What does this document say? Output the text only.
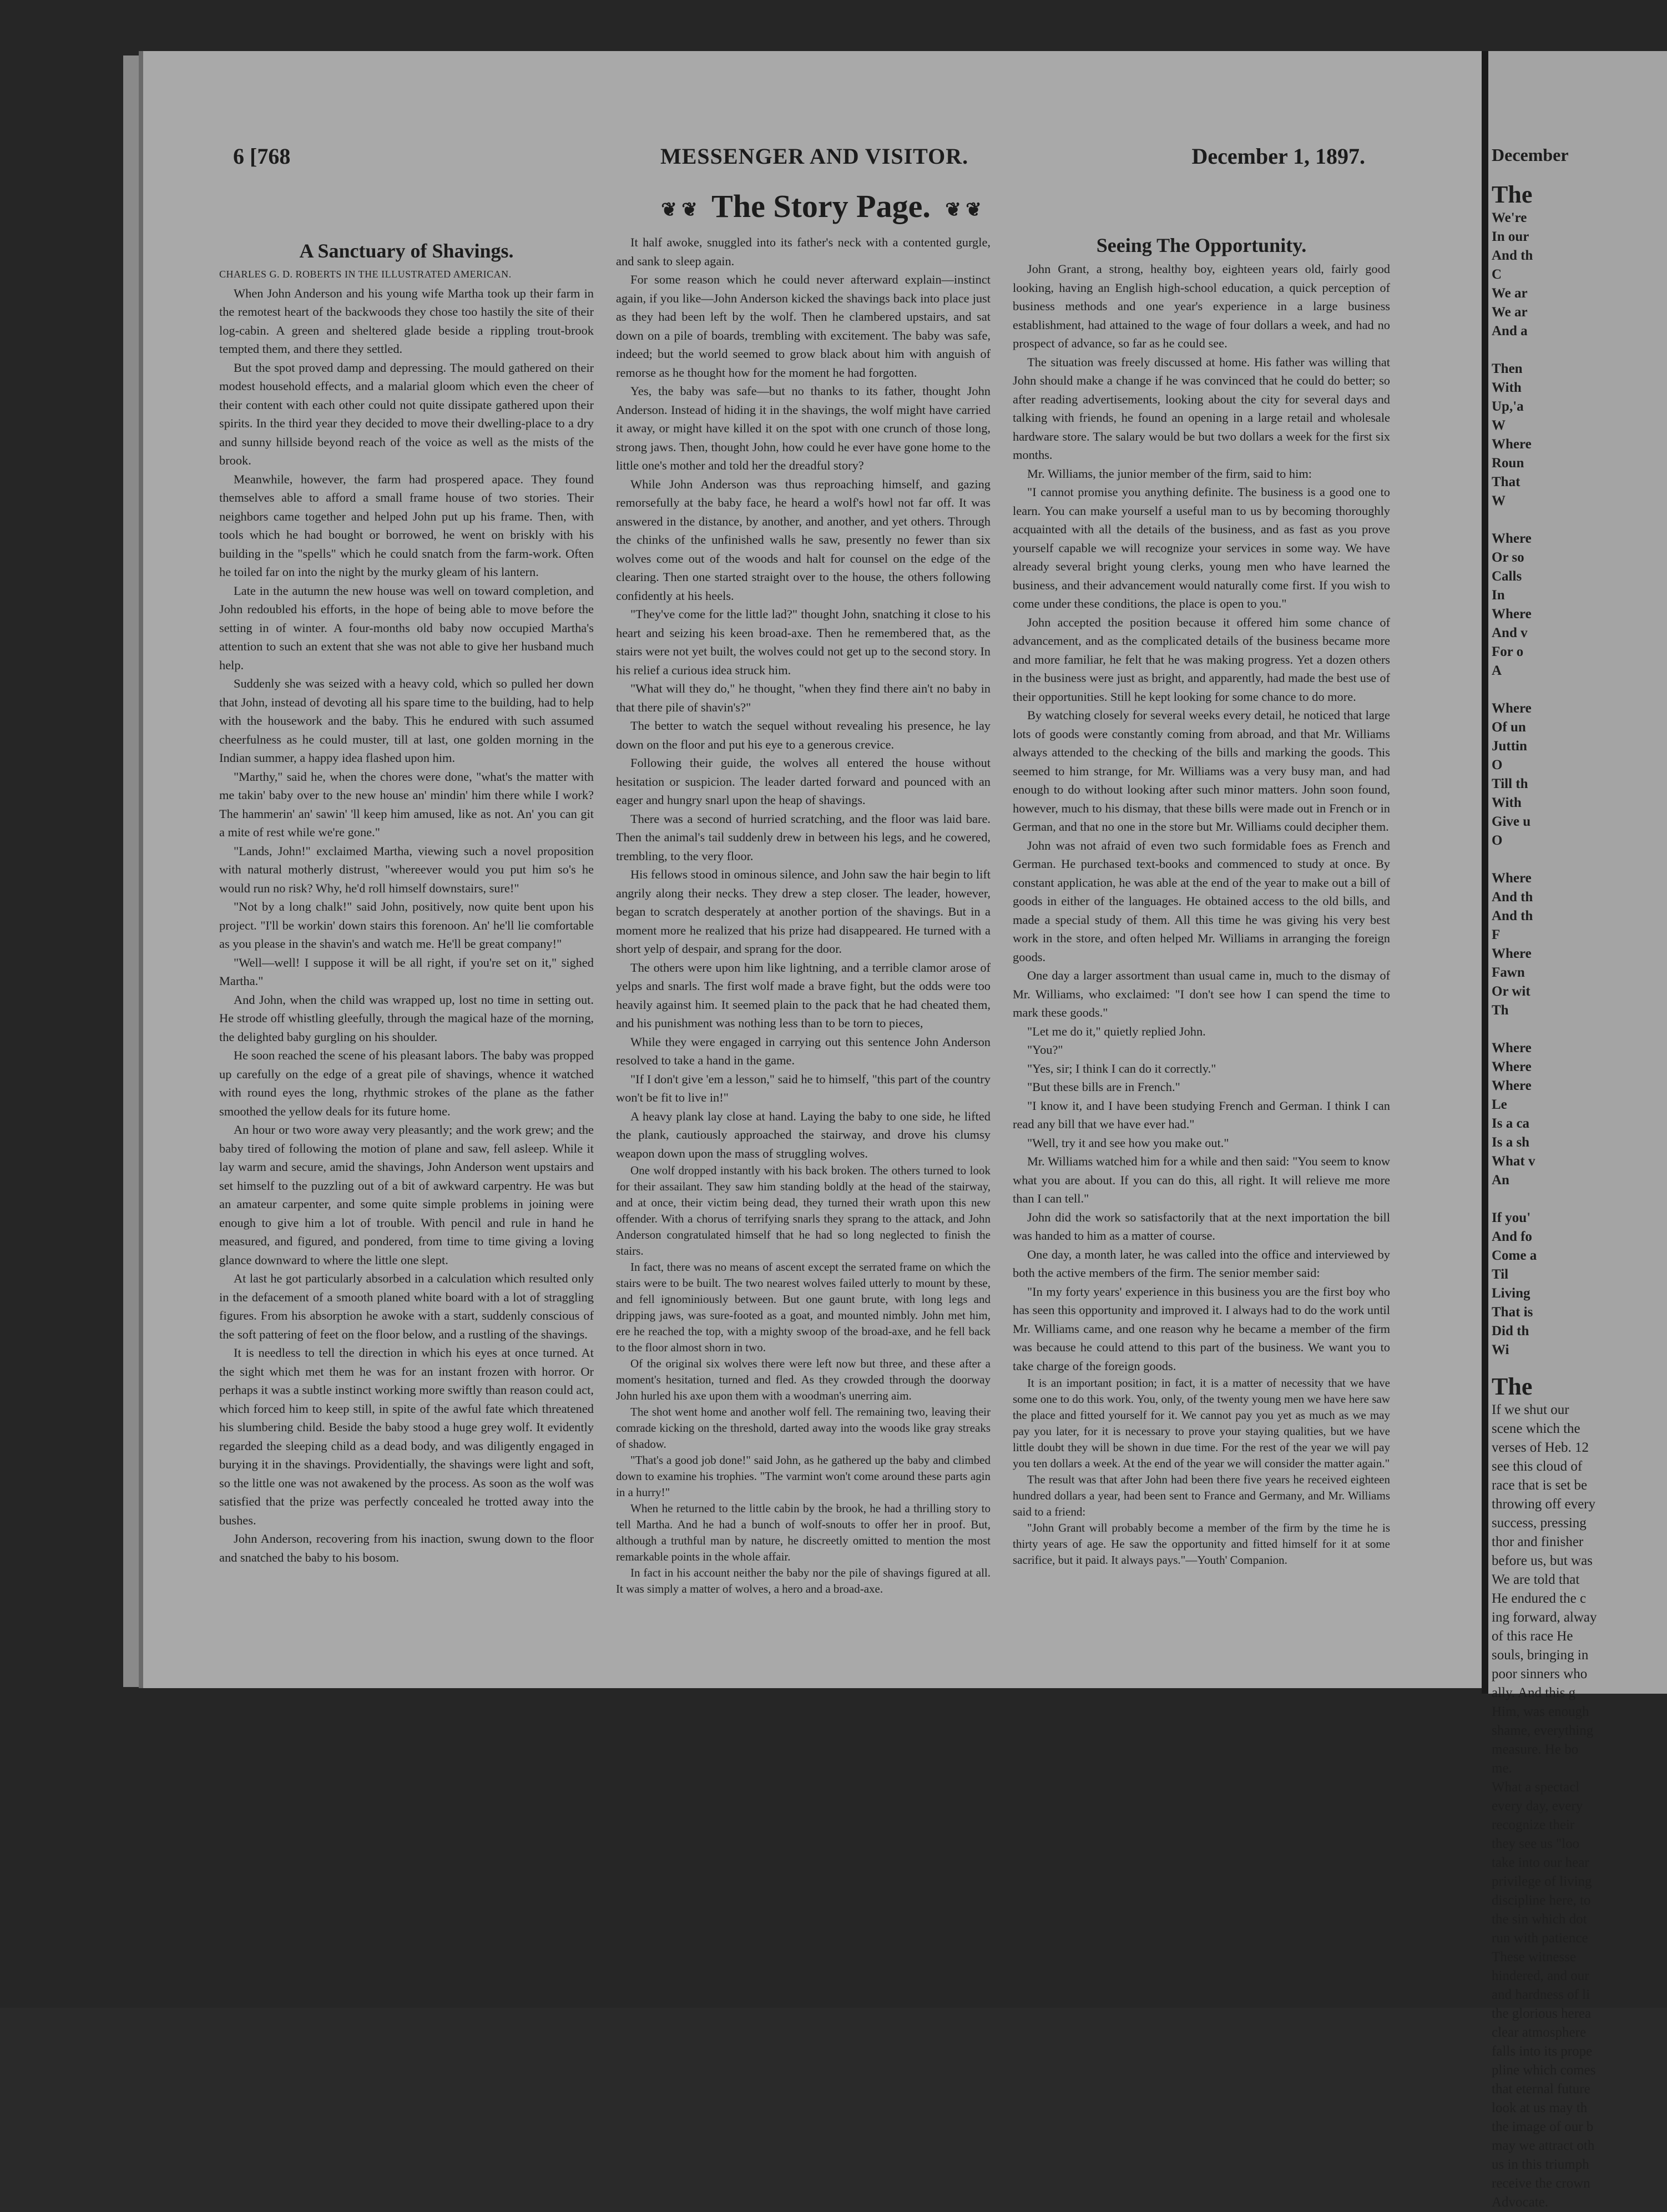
6 [768	MESSENGER AND VISITOR.	December 1, 1897.
❦ ❦ The Story Page. ❦ ❦
A Sanctuary of Shavings.

CHARLES G. D. ROBERTS IN THE ILLUSTRATED AMERICAN.

When John Anderson and his young wife Martha took up their farm in the remotest heart of the backwoods they chose too hastily the site of their log-cabin. A green and sheltered glade beside a rippling trout-brook tempted them, and there they settled.

But the spot proved damp and depressing. The mould gathered on their modest household effects, and a malarial gloom which even the cheer of their content with each other could not quite dissipate gathered upon their spirits. In the third year they decided to move their dwelling-place to a dry and sunny hillside beyond reach of the voice as well as the mists of the brook.

Meanwhile, however, the farm had prospered apace. They found themselves able to afford a small frame house of two stories. Their neighbors came together and helped John put up his frame. Then, with tools which he had bought or borrowed, he went on briskly with his building in the "spells" which he could snatch from the farm-work. Often he toiled far on into the night by the murky gleam of his lantern.

Late in the autumn the new house was well on toward completion, and John redoubled his efforts, in the hope of being able to move before the setting in of winter. A four-months old baby now occupied Martha's attention to such an extent that she was not able to give her husband much help.

Suddenly she was seized with a heavy cold, which so pulled her down that John, instead of devoting all his spare time to the building, had to help with the housework and the baby. This he endured with such assumed cheerfulness as he could muster, till at last, one golden morning in the Indian summer, a happy idea flashed upon him.

"Marthy," said he, when the chores were done, "what's the matter with me takin' baby over to the new house an' mindin' him there while I work? The hammerin' an' sawin' 'll keep him amused, like as not. An' you can git a mite of rest while we're gone."

"Lands, John!" exclaimed Martha, viewing such a novel proposition with natural motherly distrust, "whereever would you put him so's he would run no risk? Why, he'd roll himself downstairs, sure!"

"Not by a long chalk!" said John, positively, now quite bent upon his project. "I'll be workin' down stairs this forenoon. An' he'll lie comfortable as you please in the shavin's and watch me. He'll be great company!"

"Well—well! I suppose it will be all right, if you're set on it," sighed Martha."

And John, when the child was wrapped up, lost no time in setting out. He strode off whistling gleefully, through the magical haze of the morning, the delighted baby gurgling on his shoulder.

He soon reached the scene of his pleasant labors. The baby was propped up carefully on the edge of a great pile of shavings, whence it watched with round eyes the long, rhythmic strokes of the plane as the father smoothed the yellow deals for its future home.

An hour or two wore away very pleasantly; and the work grew; and the baby tired of following the motion of plane and saw, fell asleep. While it lay warm and secure, amid the shavings, John Anderson went upstairs and set himself to the puzzling out of a bit of awkward carpentry. He was but an amateur carpenter, and some quite simple problems in joining were enough to give him a lot of trouble. With pencil and rule in hand he measured, and figured, and pondered, from time to time giving a loving glance downward to where the little one slept.

At last he got particularly absorbed in a calculation which resulted only in the defacement of a smooth planed white board with a lot of straggling figures. From his absorption he awoke with a start, suddenly conscious of the soft pattering of feet on the floor below, and a rustling of the shavings.

It is needless to tell the direction in which his eyes at once turned. At the sight which met them he was for an instant frozen with horror. Or perhaps it was a subtle instinct working more swiftly than reason could act, which forced him to keep still, in spite of the awful fate which threatened his slumbering child. Beside the baby stood a huge grey wolf. It evidently regarded the sleeping child as a dead body, and was diligently engaged in burying it in the shavings. Providentially, the shavings were light and soft, so the little one was not awakened by the process. As soon as the wolf was satisfied that the prize was perfectly concealed he trotted away into the bushes.

John Anderson, recovering from his inaction, swung down to the floor and snatched the baby to his bosom.

It half awoke, snuggled into its father's neck with a contented gurgle, and sank to sleep again.

For some reason which he could never afterward explain—instinct again, if you like—John Anderson kicked the shavings back into place just as they had been left by the wolf. Then he clambered upstairs, and sat down on a pile of boards, trembling with excitement. The baby was safe, indeed; but the world seemed to grow black about him with anguish of remorse as he thought how for the moment he had forgotten.

Yes, the baby was safe—but no thanks to its father, thought John Anderson. Instead of hiding it in the shavings, the wolf might have carried it away, or might have killed it on the spot with one crunch of those long, strong jaws. Then, thought John, how could he ever have gone home to the little one's mother and told her the dreadful story?

While John Anderson was thus reproaching himself, and gazing remorsefully at the baby face, he heard a wolf's howl not far off. It was answered in the distance, by another, and another, and yet others. Through the chinks of the unfinished walls he saw, presently no fewer than six wolves come out of the woods and halt for counsel on the edge of the clearing. Then one started straight over to the house, the others following confidently at his heels.

"They've come for the little lad?" thought John, snatching it close to his heart and seizing his keen broad-axe. Then he remembered that, as the stairs were not yet built, the wolves could not get up to the second story. In his relief a curious idea struck him.

"What will they do," he thought, "when they find there ain't no baby in that there pile of shavin's?"

The better to watch the sequel without revealing his presence, he lay down on the floor and put his eye to a generous crevice.

Following their guide, the wolves all entered the house without hesitation or suspicion. The leader darted forward and pounced with an eager and hungry snarl upon the heap of shavings.

There was a second of hurried scratching, and the floor was laid bare. Then the animal's tail suddenly drew in between his legs, and he cowered, trembling, to the very floor.

His fellows stood in ominous silence, and John saw the hair begin to lift angrily along their necks. They drew a step closer. The leader, however, began to scratch desperately at another portion of the shavings. But in a moment more he realized that his prize had disappeared. He turned with a short yelp of despair, and sprang for the door.

The others were upon him like lightning, and a terrible clamor arose of yelps and snarls. The first wolf made a brave fight, but the odds were too heavily against him. It seemed plain to the pack that he had cheated them, and his punishment was nothing less than to be torn to pieces,

While they were engaged in carrying out this sentence John Anderson resolved to take a hand in the game.

"If I don't give 'em a lesson," said he to himself, "this part of the country won't be fit to live in!"

A heavy plank lay close at hand. Laying the baby to one side, he lifted the plank, cautiously approached the stairway, and drove his clumsy weapon down upon the mass of struggling wolves.

One wolf dropped instantly with his back broken. The others turned to look for their assailant. They saw him standing boldly at the head of the stairway, and at once, their victim being dead, they turned their wrath upon this new offender. With a chorus of terrifying snarls they sprang to the attack, and John Anderson congratulated himself that he had so long neglected to finish the stairs.

In fact, there was no means of ascent except the serrated frame on which the stairs were to be built. The two nearest wolves failed utterly to mount by these, and fell ignominiously between. But one gaunt brute, with long legs and dripping jaws, was sure-footed as a goat, and mounted nimbly. John met him, ere he reached the top, with a mighty swoop of the broad-axe, and he fell back to the floor almost shorn in two.

Of the original six wolves there were left now but three, and these after a moment's hesitation, turned and fled. As they crowded through the doorway John hurled his axe upon them with a woodman's unerring aim.

The shot went home and another wolf fell. The remaining two, leaving their comrade kicking on the threshold, darted away into the woods like gray streaks of shadow.

"That's a good job done!" said John, as he gathered up the baby and climbed down to examine his trophies. "The varmint won't come around these parts agin in a hurry!"

When he returned to the little cabin by the brook, he had a thrilling story to tell Martha. And he had a bunch of wolf-snouts to offer her in proof. But, although a truthful man by nature, he discreetly omitted to mention the most remarkable points in the whole affair.

In fact in his account neither the baby nor the pile of shavings figured at all. It was simply a matter of wolves, a hero and a broad-axe.

Seeing The Opportunity.

John Grant, a strong, healthy boy, eighteen years old, fairly good looking, having an English high-school education, a quick perception of business methods and one year's experience in a large business establishment, had attained to the wage of four dollars a week, and had no prospect of advance, so far as he could see.

The situation was freely discussed at home. His father was willing that John should make a change if he was convinced that he could do better; so after reading advertisements, looking about the city for several days and talking with friends, he found an opening in a large retail and wholesale hardware store. The salary would be but two dollars a week for the first six months.

Mr. Williams, the junior member of the firm, said to him:

"I cannot promise you anything definite. The business is a good one to learn. You can make yourself a useful man to us by becoming thoroughly acquainted with all the details of the business, and as fast as you prove yourself capable we will recognize your services in some way. We have already several bright young clerks, young men who have learned the business, and their advancement would naturally come first. If you wish to come under these conditions, the place is open to you."

John accepted the position because it offered him some chance of advancement, and as the complicated details of the business became more and more familiar, he felt that he was making progress. Yet a dozen others in the business were just as bright, and apparently, had made the best use of their opportunities. Still he kept looking for some chance to do more.

By watching closely for several weeks every detail, he noticed that large lots of goods were constantly coming from abroad, and that Mr. Williams always attended to the checking of the bills and marking the goods. This seemed to him strange, for Mr. Williams was a very busy man, and had enough to do without looking after such minor matters. John soon found, however, much to his dismay, that these bills were made out in French or in German, and that no one in the store but Mr. Williams could decipher them.

John was not afraid of even two such formidable foes as French and German. He purchased text-books and commenced to study at once. By constant application, he was able at the end of the year to make out a bill of goods in either of the languages. He obtained access to the old bills, and made a special study of them. All this time he was giving his very best work in the store, and often helped Mr. Williams in arranging the foreign goods.

One day a larger assortment than usual came in, much to the dismay of Mr. Williams, who exclaimed: "I don't see how I can spend the time to mark these goods."

"Let me do it," quietly replied John.

"You?"

"Yes, sir; I think I can do it correctly."

"But these bills are in French."

"I know it, and I have been studying French and German. I think I can read any bill that we have ever had."

"Well, try it and see how you make out."

Mr. Williams watched him for a while and then said: "You seem to know what you are about. If you can do this, all right. It will relieve me more than I can tell."

John did the work so satisfactorily that at the next importation the bill was handed to him as a matter of course.

One day, a month later, he was called into the office and interviewed by both the active members of the firm. The senior member said:

"In my forty years' experience in this business you are the first boy who has seen this opportunity and improved it. I always had to do the work until Mr. Williams came, and one reason why he became a member of the firm was because he could attend to this part of the business. We want you to take charge of the foreign goods.

It is an important position; in fact, it is a matter of necessity that we have some one to do this work. You, only, of the twenty young men we have here saw the place and fitted yourself for it. We cannot pay you yet as much as we may pay you later, for it is necessary to prove your staying qualities, but we have little doubt they will be shown in due time. For the rest of the year we will pay you ten dollars a week. At the end of the year we will consider the matter again."

The result was that after John had been there five years he received eighteen hundred dollars a year, had been sent to France and Germany, and Mr. Williams said to a friend:

"John Grant will probably become a member of the firm by the time he is thirty years of age. He saw the opportunity and fitted himself for it at some sacrifice, but it paid. It always pays."—Youth' Companion.

December
The
We're
In our
And th
C
We ar
We ar
And a

Then
With
Up,'a
W
Where
Roun
That
W

Where
Or so
Calls
In
Where
And v
For o
A

Where
Of un
Juttin
O
Till th
With
Give u
O

Where
And th
And th
F
Where
Fawn
Or wit
Th

Where
Where
Where
Le
Is a ca
Is a sh
What v
An

If you'
And fo
Come a
Til
Living
That is
Did th
Wi
The
If we shut our
scene which the
verses of Heb. 12
see this cloud of
race that is set be
throwing off every
success, pressing
thor and finisher
before us, but was
We are told that
He endured the c
ing forward, alway
of this race He
souls, bringing in
poor sinners who
ally. And this g
Him, was enough
shame, everything
measure. He bo
me.
What a spectacl
every day, every
recognize their
they see us "loo
take into our hear
privilege of living
discipline here, to
the sin which dot
run with patience
These witnesse
hindered, and our
and hardness of li
the glorious herea
clear atmosphere
falls into its prope
pline which comes
that eternal future
look at us may th
the image of our b
may we attract oth
us in this triumph
receive the crown
Advocate.
